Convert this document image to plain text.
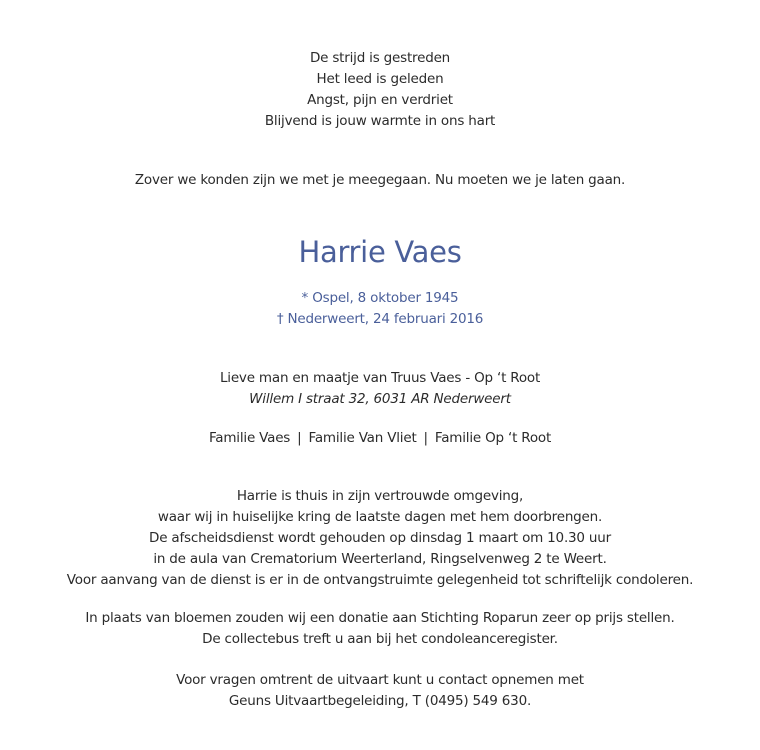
De strijd is gestreden
Het leed is geleden
Angst, pijn en verdriet
Blijvend is jouw warmte in ons hart
Zover we konden zijn we met je meegegaan. Nu moeten we je laten gaan.
Harrie Vaes
* Ospel, 8 oktober 1945
† Nederweert, 24 februari 2016
Lieve man en maatje van Truus Vaes - Op ‘t Root
Willem I straat 32, 6031 AR Nederweert
Familie Vaes | Familie Van Vliet | Familie Op ‘t Root
Harrie is thuis in zijn vertrouwde omgeving,
waar wij in huiselijke kring de laatste dagen met hem doorbrengen.
De afscheidsdienst wordt gehouden op dinsdag 1 maart om 10.30 uur
in de aula van Crematorium Weerterland, Ringselvenweg 2 te Weert.
Voor aanvang van de dienst is er in de ontvangstruimte gelegenheid tot schriftelijk condoleren.
In plaats van bloemen zouden wij een donatie aan Stichting Roparun zeer op prijs stellen.
De collectebus treft u aan bij het condoleanceregister.
Voor vragen omtrent de uitvaart kunt u contact opnemen met
Geuns Uitvaartbegeleiding, T (0495) 549 630.
